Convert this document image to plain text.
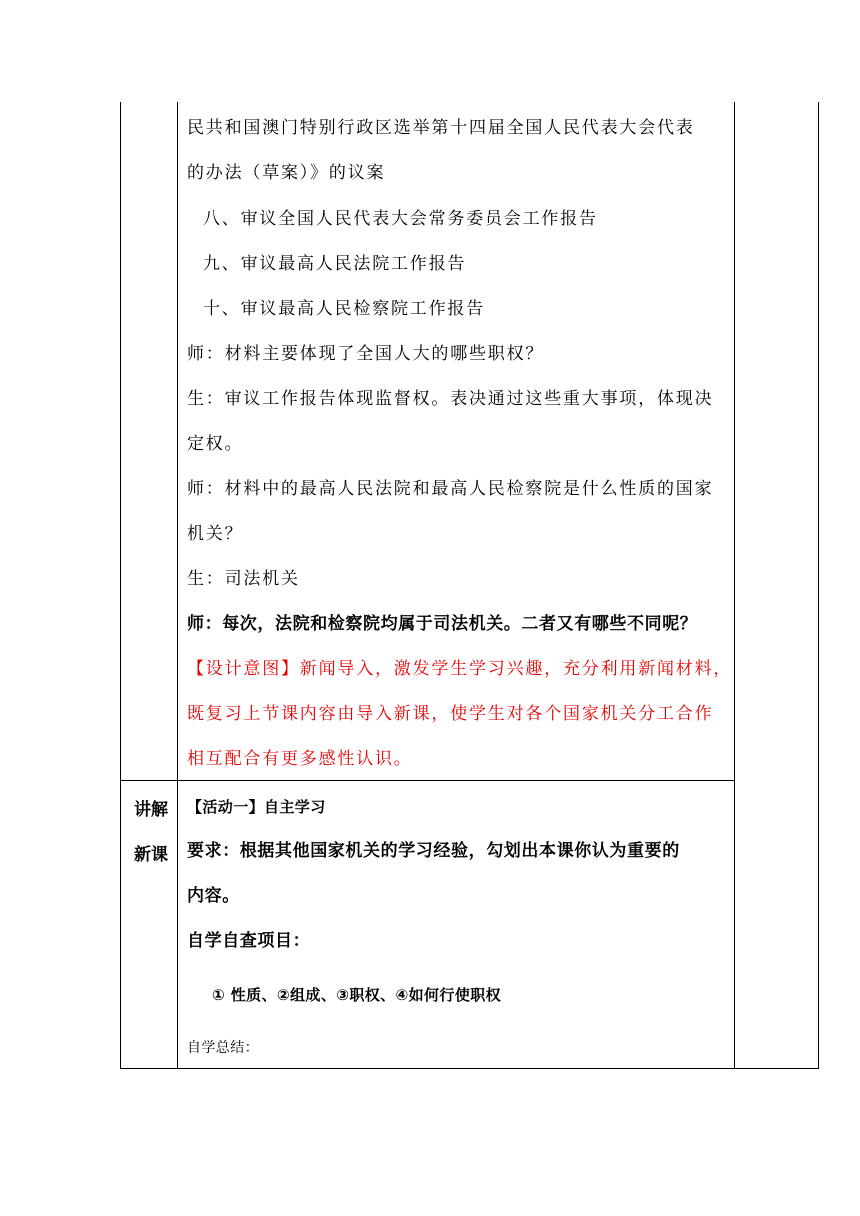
民共和国澳门特别行政区选举第十四届全国人民代表大会代表
的办法（草案）》的议案
八、审议全国人民代表大会常务委员会工作报告
九、审议最高人民法院工作报告
十、审议最高人民检察院工作报告
师：材料主要体现了全国人大的哪些职权？
生：审议工作报告体现监督权。表决通过这些重大事项，体现决
定权。
师：材料中的最高人民法院和最高人民检察院是什么性质的国家
机关？
生：司法机关
师：每次，法院和检察院均属于司法机关。二者又有哪些不同呢？
【设计意图】新闻导入，激发学生学习兴趣，充分利用新闻材料，
既复习上节课内容由导入新课，使学生对各个国家机关分工合作
相互配合有更多感性认识。
讲解
新课
【活动一】自主学习
要求：根据其他国家机关的学习经验，勾划出本课你认为重要的
内容。
自学自查项目：
① 性质、②组成、③职权、④如何行使职权
自学总结：
